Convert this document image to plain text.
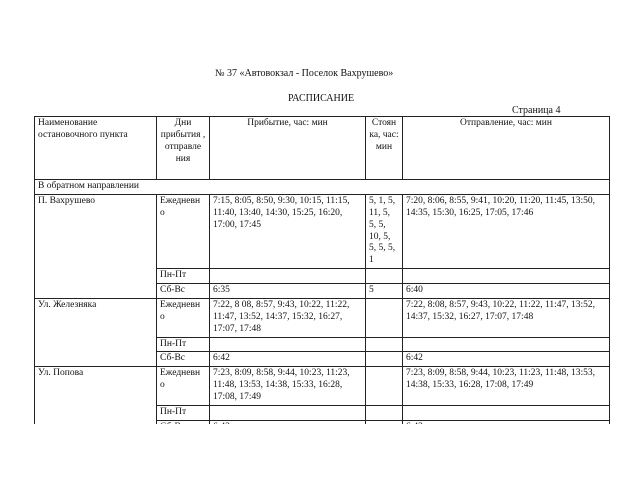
№ 37 «Автовокзал - Поселок Вахрушево»
РАСПИСАНИЕ
Страница 4
Наименование остановочного пункта	Дни прибытия , отправле ния	Прибытие, час: мин	Стоян ка, час: мин	Отправление, час: мин
В обратном направлении				
П. Вахрушево	Ежедневн о	7:15, 8:05, 8:50, 9:30, 10:15, 11:15, 11:40, 13:40, 14:30, 15:25, 16:20, 17:00, 17:45	5, 1, 5, 11, 5, 5, 5, 10, 5, 5, 5, 5, 1	7:20, 8:06, 8:55, 9:41, 10:20, 11:20, 11:45, 13:50, 14:35, 15:30, 16:25, 17:05, 17:46
	Пн-Пт			
	Сб-Вс	6:35	5	6:40
Ул. Железняка	Ежедневн о	7:22, 8 08, 8:57, 9:43, 10:22, 11:22, 11:47, 13:52, 14:37, 15:32, 16:27, 17:07, 17:48		7:22, 8:08, 8:57, 9:43, 10:22, 11:22, 11:47, 13:52, 14:37, 15:32, 16:27, 17:07, 17:48
	Пн-Пт			
	Сб-Вс	6:42		6:42
Ул. Попова	Ежедневн о	7:23, 8:09, 8:58, 9:44, 10:23, 11:23, 11:48, 13:53, 14:38, 15:33, 16:28, 17:08, 17:49		7:23, 8:09, 8:58, 9:44, 10:23, 11:23, 11:48, 13:53, 14:38, 15:33, 16:28, 17:08, 17:49
	Пн-Пт			
